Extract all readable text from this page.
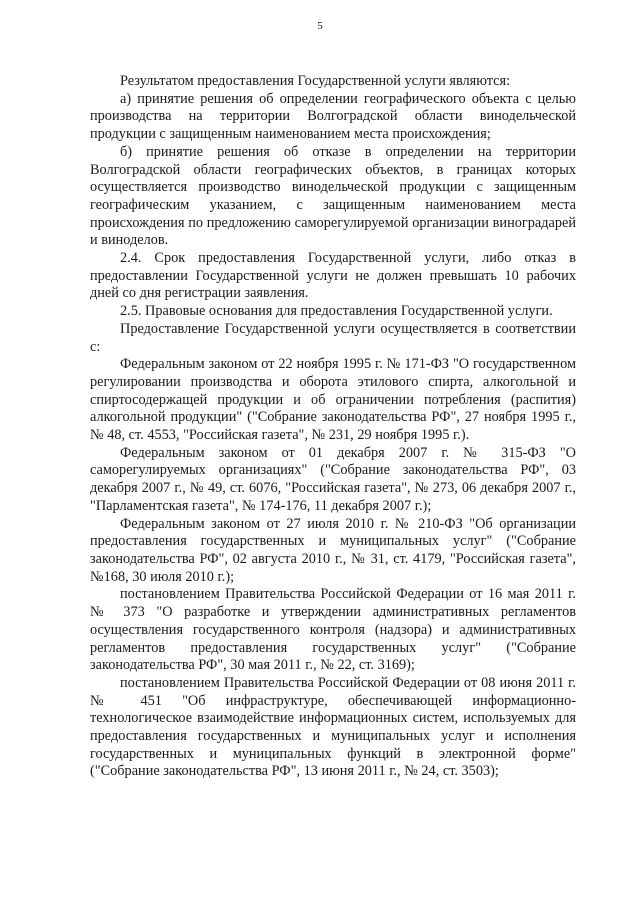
5

Результатом предоставления Государственной услуги являются:

а) принятие решения об определении географического объекта с целью производства на территории Волгоградской области винодельческой продукции с защищенным наименованием места происхождения;

б) принятие решения об отказе в определении на территории Волгоградской области географических объектов, в границах которых осуществляется производство винодельческой продукции с защищенным географическим указанием, с защищенным наименованием места происхождения по предложению саморегулируемой организации виноградарей и виноделов.

2.4. Срок предоставления Государственной услуги, либо отказ в предоставлении Государственной услуги не должен превышать 10 рабочих дней со дня регистрации заявления.

2.5. Правовые основания для предоставления Государственной услуги.

Предоставление Государственной услуги осуществляется в соответствии с:

Федеральным законом от 22 ноября 1995 г. № 171-ФЗ "О государственном регулировании производства и оборота этилового спирта, алкогольной и спиртосодержащей продукции и об ограничении потребления (распития) алкогольной продукции" ("Собрание законодательства РФ", 27 ноября 1995 г., № 48, ст. 4553, "Российская газета", № 231, 29 ноября 1995 г.).

Федеральным законом от 01 декабря 2007 г. № 315-ФЗ "О саморегулируемых организациях" ("Собрание законодательства РФ", 03 декабря 2007 г., № 49, ст. 6076, "Российская газета", № 273, 06 декабря 2007 г., "Парламентская газета", № 174-176, 11 декабря 2007 г.);

Федеральным законом от 27 июля 2010 г. № 210-ФЗ "Об организации предоставления государственных и муниципальных услуг" ("Собрание законодательства РФ", 02 августа 2010 г., № 31, ст. 4179, "Российская газета", №168, 30 июля 2010 г.);

постановлением Правительства Российской Федерации от 16 мая 2011 г. № 373 "О разработке и утверждении административных регламентов осуществления государственного контроля (надзора) и административных регламентов предоставления государственных услуг" ("Собрание законодательства РФ", 30 мая 2011 г., № 22, ст. 3169);

постановлением Правительства Российской Федерации от 08 июня 2011 г. № 451 "Об инфраструктуре, обеспечивающей информационно-технологическое взаимодействие информационных систем, используемых для предоставления государственных и муниципальных услуг и исполнения государственных и муниципальных функций в электронной форме" ("Собрание законодательства РФ", 13 июня 2011 г., № 24, ст. 3503);
